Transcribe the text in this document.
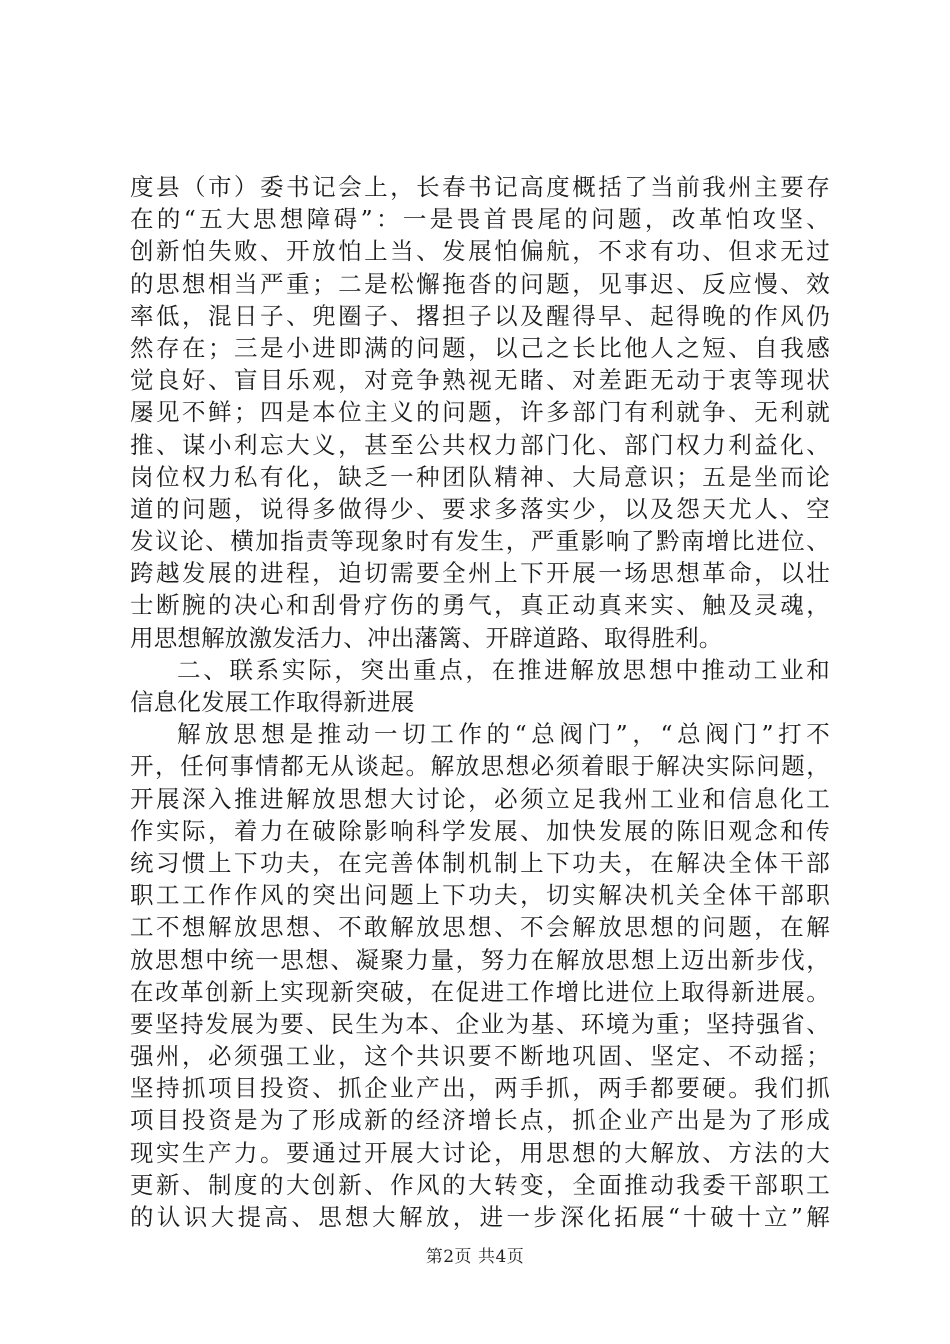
度县（市）委书记会上，长春书记高度概括了当前我州主要存
在的“五大思想障碍”：一是畏首畏尾的问题，改革怕攻坚、
创新怕失败、开放怕上当、发展怕偏航，不求有功、但求无过
的思想相当严重；二是松懈拖沓的问题，见事迟、反应慢、效
率低，混日子、兜圈子、撂担子以及醒得早、起得晚的作风仍
然存在；三是小进即满的问题，以己之长比他人之短、自我感
觉良好、盲目乐观，对竞争熟视无睹、对差距无动于衷等现状
屡见不鲜；四是本位主义的问题，许多部门有利就争、无利就
推、谋小利忘大义，甚至公共权力部门化、部门权力利益化、
岗位权力私有化，缺乏一种团队精神、大局意识；五是坐而论
道的问题，说得多做得少、要求多落实少，以及怨天尤人、空
发议论、横加指责等现象时有发生，严重影响了黔南增比进位、
跨越发展的进程，迫切需要全州上下开展一场思想革命，以壮
士断腕的决心和刮骨疗伤的勇气，真正动真来实、触及灵魂，
用思想解放激发活力、冲出藩篱、开辟道路、取得胜利。
二、联系实际，突出重点，在推进解放思想中推动工业和
信息化发展工作取得新进展
解放思想是推动一切工作的“总阀门”，“总阀门”打不
开，任何事情都无从谈起。解放思想必须着眼于解决实际问题，
开展深入推进解放思想大讨论，必须立足我州工业和信息化工
作实际，着力在破除影响科学发展、加快发展的陈旧观念和传
统习惯上下功夫，在完善体制机制上下功夫，在解决全体干部
职工工作作风的突出问题上下功夫，切实解决机关全体干部职
工不想解放思想、不敢解放思想、不会解放思想的问题，在解
放思想中统一思想、凝聚力量，努力在解放思想上迈出新步伐，
在改革创新上实现新突破，在促进工作增比进位上取得新进展。
要坚持发展为要、民生为本、企业为基、环境为重；坚持强省、
强州，必须强工业，这个共识要不断地巩固、坚定、不动摇；
坚持抓项目投资、抓企业产出，两手抓，两手都要硬。我们抓
项目投资是为了形成新的经济增长点，抓企业产出是为了形成
现实生产力。要通过开展大讨论，用思想的大解放、方法的大
更新、制度的大创新、作风的大转变，全面推动我委干部职工
的认识大提高、思想大解放，进一步深化拓展“十破十立”解
第2页 共4页
